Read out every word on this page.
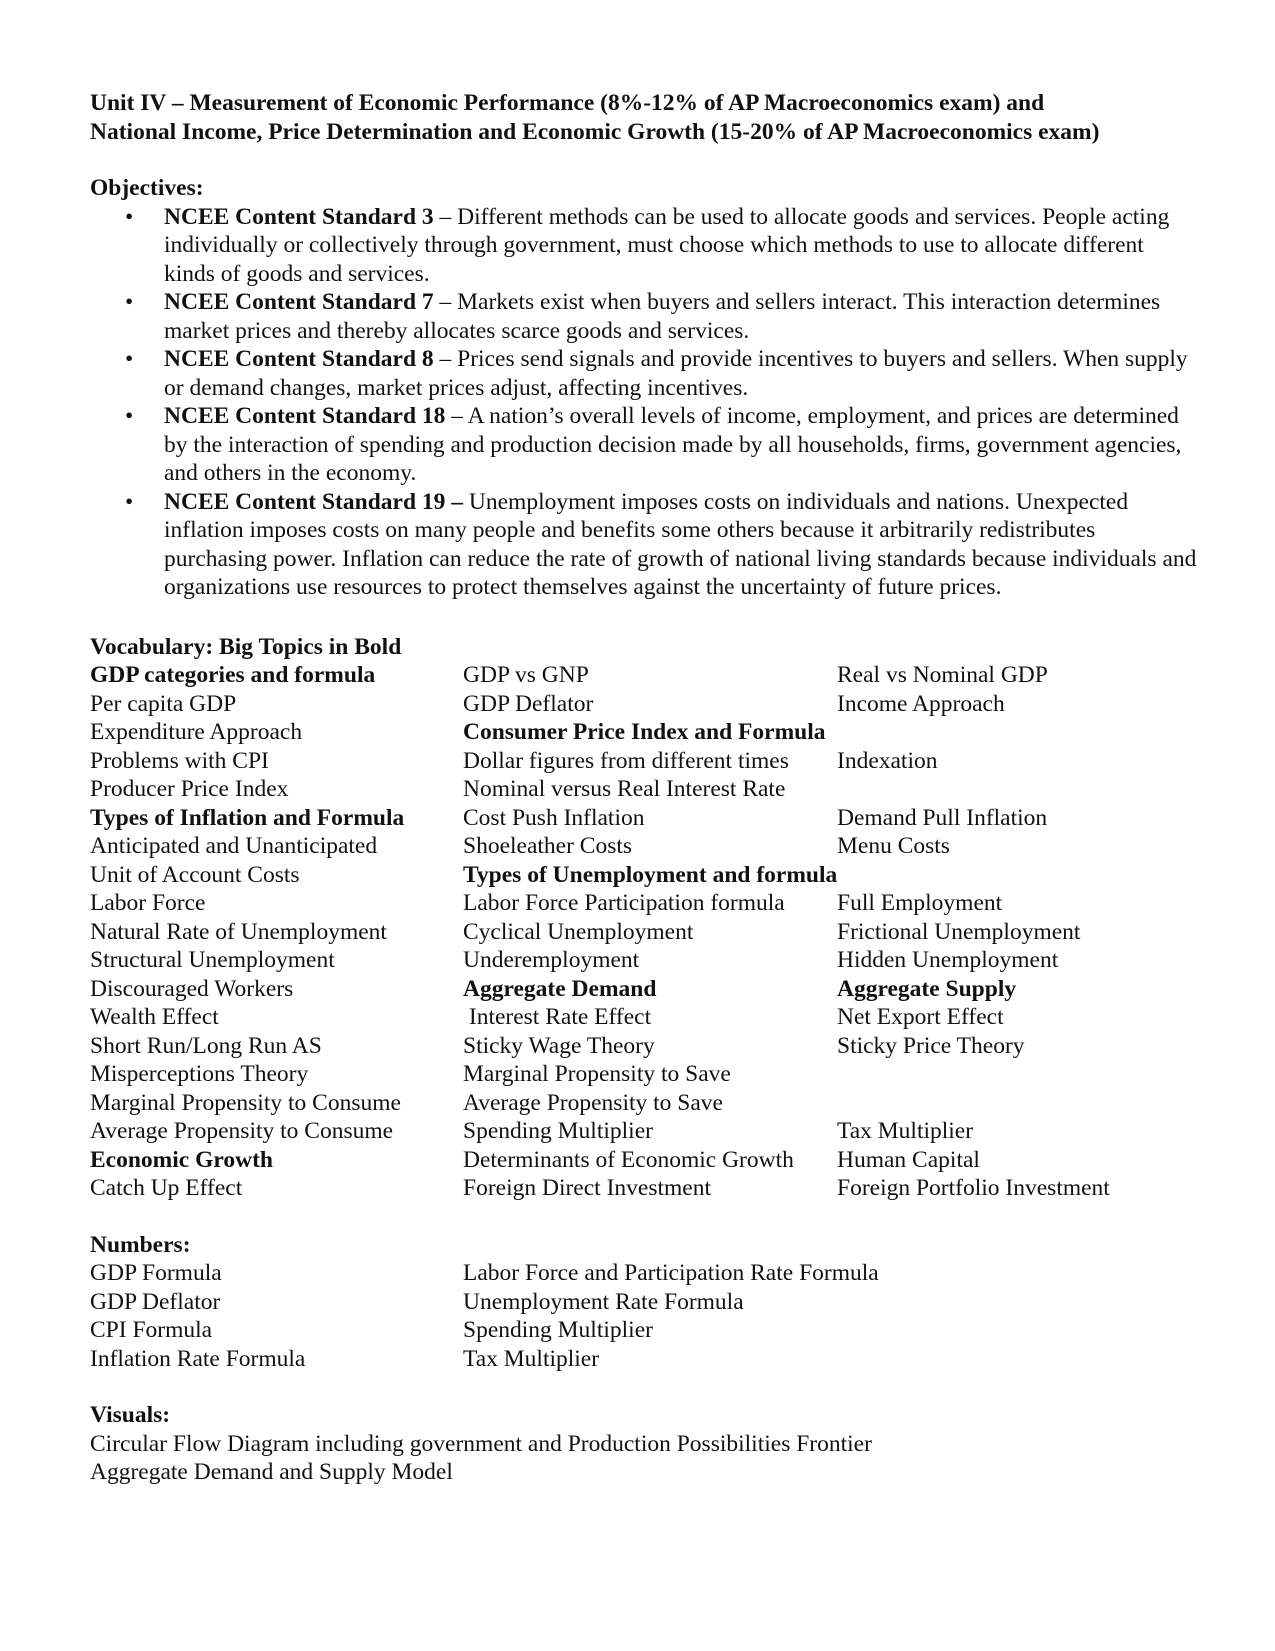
Unit IV – Measurement of Economic Performance (8%-12% of AP Macroeconomics exam) and
National Income, Price Determination and Economic Growth (15-20% of AP Macroeconomics exam)
Objectives:
• NCEE Content Standard 3 – Different methods can be used to allocate goods and services. People acting individually or collectively through government, must choose which methods to use to allocate different kinds of goods and services.
• NCEE Content Standard 7 – Markets exist when buyers and sellers interact. This interaction determines market prices and thereby allocates scarce goods and services.
• NCEE Content Standard 8 – Prices send signals and provide incentives to buyers and sellers. When supply or demand changes, market prices adjust, affecting incentives.
• NCEE Content Standard 18 – A nation’s overall levels of income, employment, and prices are determined by the interaction of spending and production decision made by all households, firms, government agencies, and others in the economy.
• NCEE Content Standard 19 – Unemployment imposes costs on individuals and nations. Unexpected inflation imposes costs on many people and benefits some others because it arbitrarily redistributes purchasing power. Inflation can reduce the rate of growth of national living standards because individuals and organizations use resources to protect themselves against the uncertainty of future prices.
Vocabulary: Big Topics in Bold
GDP categories and formula	GDP vs GNP	Real vs Nominal GDP
Per capita GDP	GDP Deflator	Income Approach
Expenditure Approach	Consumer Price Index and Formula
Problems with CPI	Dollar figures from different times	Indexation
Producer Price Index	Nominal versus Real Interest Rate
Types of Inflation and Formula	Cost Push Inflation	Demand Pull Inflation
Anticipated and Unanticipated	Shoeleather Costs	Menu Costs
Unit of Account Costs	Types of Unemployment and formula
Labor Force	Labor Force Participation formula	Full Employment
Natural Rate of Unemployment	Cyclical Unemployment	Frictional Unemployment
Structural Unemployment	Underemployment	Hidden Unemployment
Discouraged Workers	Aggregate Demand	Aggregate Supply
Wealth Effect	Interest Rate Effect	Net Export Effect
Short Run/Long Run AS	Sticky Wage Theory	Sticky Price Theory
Misperceptions Theory	Marginal Propensity to Save
Marginal Propensity to Consume	Average Propensity to Save
Average Propensity to Consume	Spending Multiplier	Tax Multiplier
Economic Growth	Determinants of Economic Growth	Human Capital
Catch Up Effect	Foreign Direct Investment	Foreign Portfolio Investment
Numbers:
GDP Formula	Labor Force and Participation Rate Formula
GDP Deflator	Unemployment Rate Formula
CPI Formula	Spending Multiplier
Inflation Rate Formula	Tax Multiplier
Visuals:
Circular Flow Diagram including government and Production Possibilities Frontier
Aggregate Demand and Supply Model
